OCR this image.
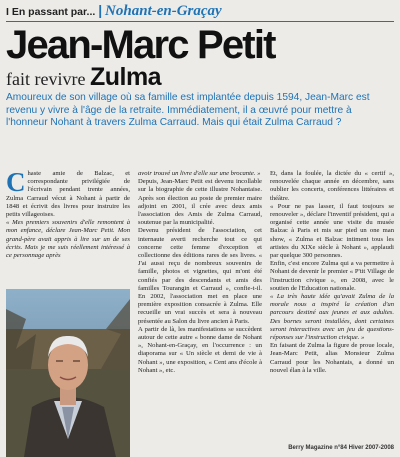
I En passant par... | Nohant-en-Graçay
Jean-Marc Petit
fait revivre Zulma
Amoureux de son village où sa famille est implantée depuis 1594, Jean-Marc est revenu y vivre à l'âge de la retraite. Immédiatement, il a œuvré pour mettre à l'honneur Nohant à travers Zulma Carraud. Mais qui était Zulma Carraud ?

Chaste amie de Balzac, et correspondante privilégiée de l'écrivain pendant trente années, Zulma Carraud vécut à Nohant à partir de 1848 et écrivit des livres pour instruire les petits villageoises.

« Mes premiers souvenirs d'elle remontent à mon enfance, déclare Jean-Marc Petit. Mon grand-père avait appris à lire sur un de ses écrits. Mais je me suis réellement intéressé à ce personnage après

© Georges Pasca

avoir trouvé un livre d'elle sur une brocante. »

Depuis, Jean-Marc Petit est devenu incollable sur la biographie de cette illustre Nohantaise. Après son élection au poste de premier maire adjoint en 2001, il crée avec deux amis l'association des Amis de Zulma Carraud, soutenue par la municipalité.

Devenu président de l'association, cet internaute averti recherche tout ce qui concerne cette femme d'exception et collectionne des éditions rares de ses livres. « J'ai aussi reçu de nombreux souvenirs de famille, photos et vignettes, qui m'ont été confiés par des descendants et amis des familles Tourangin et Carraud », confie-t-il. En 2002, l'association met en place une première exposition consacrée à Zulma. Elle recueille un vrai succès et sera à nouveau présentée au Salon du livre ancien à Paris.

A partir de là, les manifestations se succèdent autour de cette autre « bonne dame de Nohant », Nohant-en-Graçay, en l'occurrence : un diaporama sur « Un siècle et demi de vie à Nohant », une exposition, « Cent ans d'école à Nohant », etc.

Et, dans la foulée, la dictée du « certif », renouvelée chaque année en décembre, sans oublier les concerts, conférences littéraires et théâtre.

« Pour ne pas lasser, il faut toujours se renouveler », déclare l'inventif président, qui a organisé cette année une visite du musée Balzac à Paris et mis sur pied un one man show, « Zulma et Balzac intiment tous les artistes du XIXe siècle à Nohant », applaudi par quelque 300 personnes.

Enfin, c'est encore Zulma qui a va permettre à Nohant de devenir le premier « P'tit Village de l'instruction civique », en 2008, avec le soutien de l'Education nationale.

« La très haute idée qu'avait Zulma de la morale nous a inspiré la création d'un parcours destiné aux jeunes et aux adultes. Des bornes seront installées, dont certaines seront interactives avec un jeu de questions-réponses sur l'instruction civique. »

En faisant de Zulma la figure de proue locale, Jean-Marc Petit, alias Monsieur Zulma Carraud pour les Nohantais, a donné un nouvel élan à la ville.

Berry Magazine n°84 Hiver 2007-2008
